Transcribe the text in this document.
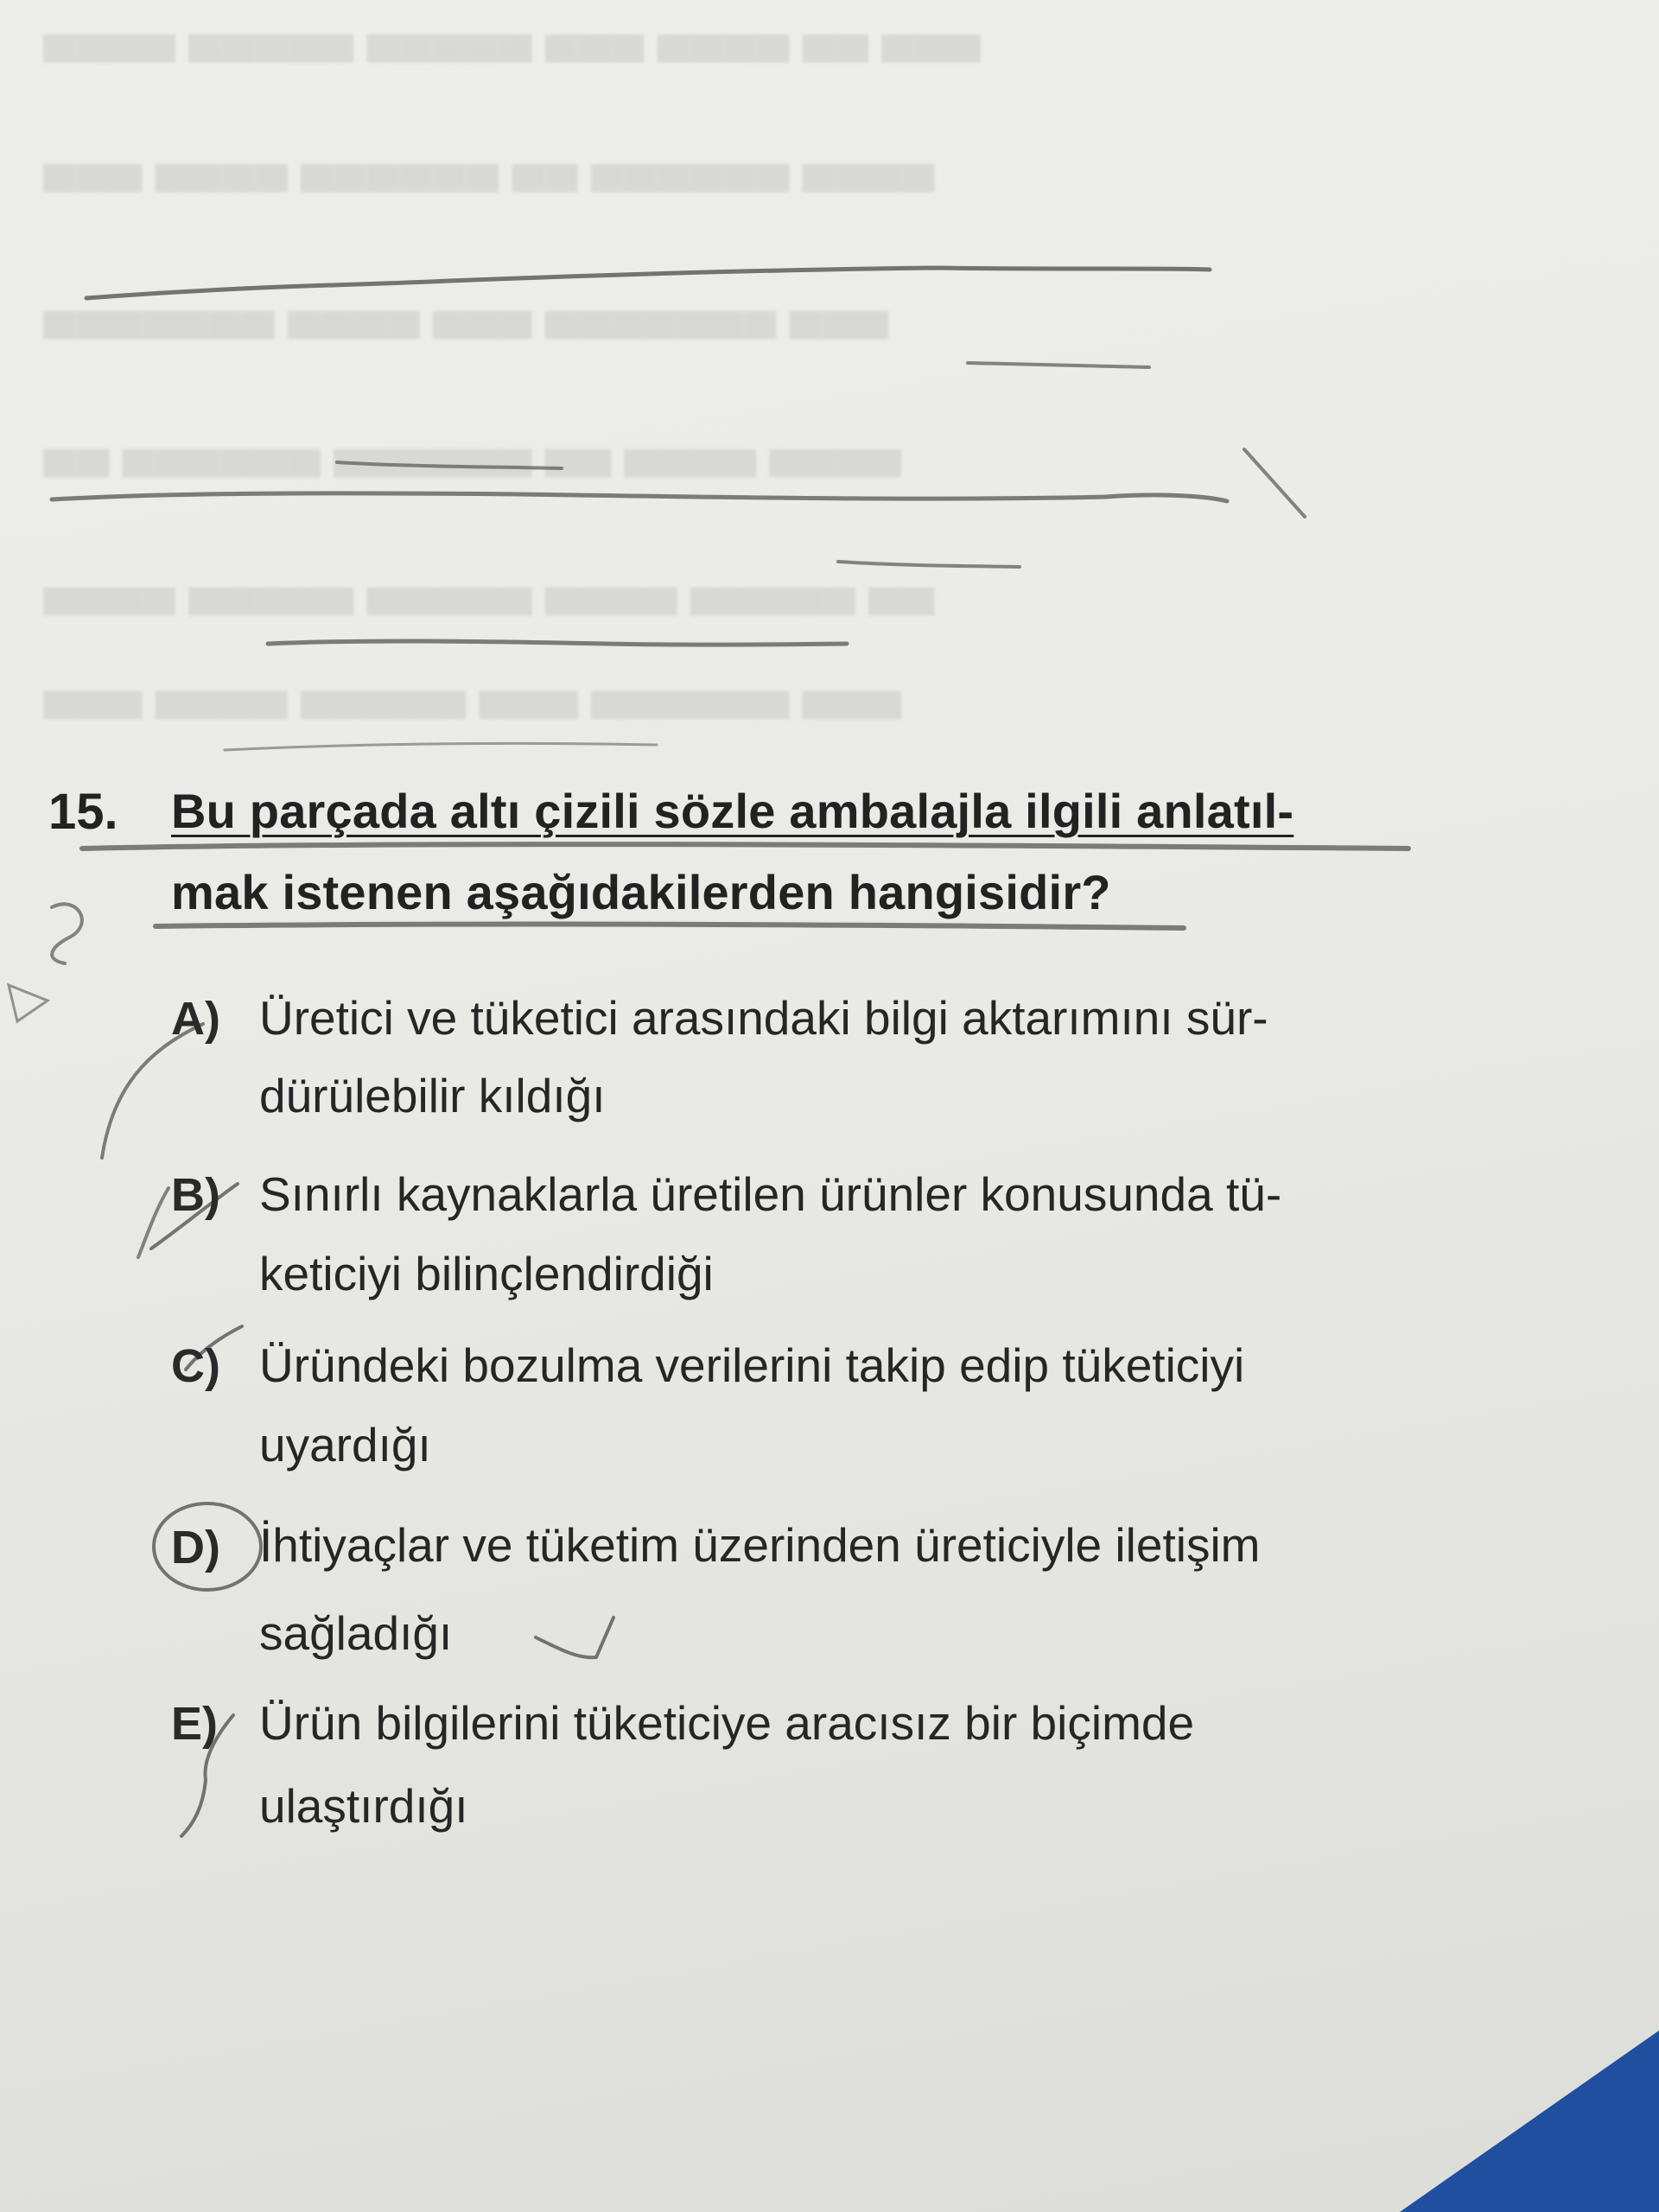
▀▀▀ ▀▀ ▀▀▀▀ ▀▀▀ ▀▀▀▀▀ ▀▀▀▀▀ ▀▀▀▀
▀▀▀▀ ▀▀▀▀▀▀ ▀▀ ▀▀▀▀▀▀ ▀▀▀▀ ▀▀▀
▀▀▀ ▀▀▀▀▀▀▀ ▀▀▀ ▀▀▀▀ ▀▀▀▀▀▀▀
▀▀▀▀ ▀▀▀▀ ▀▀ ▀▀▀▀▀▀ ▀▀▀▀▀▀ ▀▀
▀▀ ▀▀▀▀▀ ▀▀▀▀ ▀▀▀▀▀ ▀▀▀▀▀ ▀▀▀▀
▀▀▀ ▀▀▀▀▀▀ ▀▀▀ ▀▀▀▀▀ ▀▀▀▀ ▀▀▀
15. Bu parçada altı çizili sözle ambalajla ilgili anlatıl-
mak istenen aşağıdakilerden hangisidir?
A) Üretici ve tüketici arasındaki bilgi aktarımını sür-
dürülebilir kıldığı
B) Sınırlı kaynaklarla üretilen ürünler konusunda tü-
keticiyi bilinçlendirdiği
C) Üründeki bozulma verilerini takip edip tüketiciyi
uyardığı
D) İhtiyaçlar ve tüketim üzerinden üreticiyle iletişim
sağladığı
E) Ürün bilgilerini tüketiciye aracısız bir biçimde
ulaştırdığı
